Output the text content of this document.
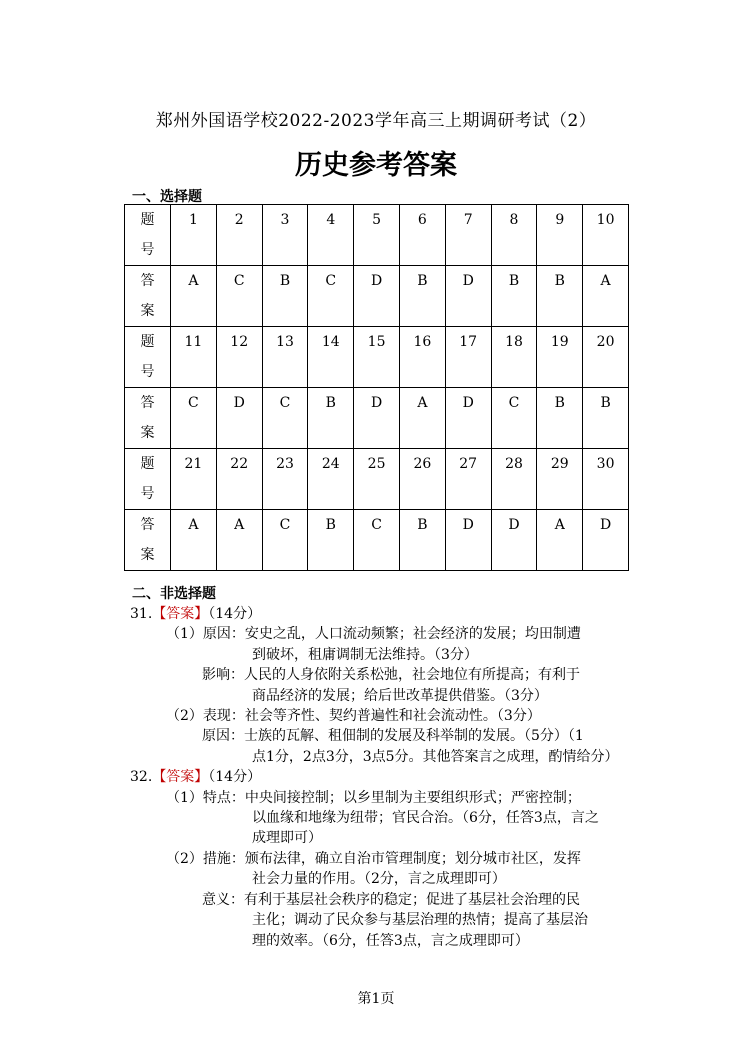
郑州外国语学校2022-2023学年高三上期调研考试（2）
历史参考答案
一、选择题
题
号	1	2	3	4	5	6	7	8	9	10

答
案	A	C	B	C	D	B	D	B	B	A

题
号	11	12	13	14	15	16	17	18	19	20

答
案	C	D	C	B	D	A	D	C	B	B

题
号	21	22	23	24	25	26	27	28	29	30

答
案	A	A	C	B	C	B	D	D	A	D
二、非选择题
31.【答案】（14分）
（1）原因：安史之乱，人口流动频繁；社会经济的发展；均田制遭
到破坏，租庸调制无法维持。（3分）
影响：人民的人身依附关系松弛，社会地位有所提高；有利于
商品经济的发展；给后世改革提供借鉴。（3分）
（2）表现：社会等齐性、契约普遍性和社会流动性。（3分）
原因：士族的瓦解、租佃制的发展及科举制的发展。（5分）（1
点1分，2点3分，3点5分。其他答案言之成理，酌情给分）
32.【答案】（14分）
（1）特点：中央间接控制；以乡里制为主要组织形式；严密控制；
以血缘和地缘为纽带；官民合治。（6分，任答3点，言之
成理即可）
（2）措施：颁布法律，确立自治市管理制度；划分城市社区，发挥
社会力量的作用。（2分，言之成理即可）
意义：有利于基层社会秩序的稳定；促进了基层社会治理的民
主化；调动了民众参与基层治理的热情；提高了基层治
理的效率。（6分，任答3点，言之成理即可）
第1页
